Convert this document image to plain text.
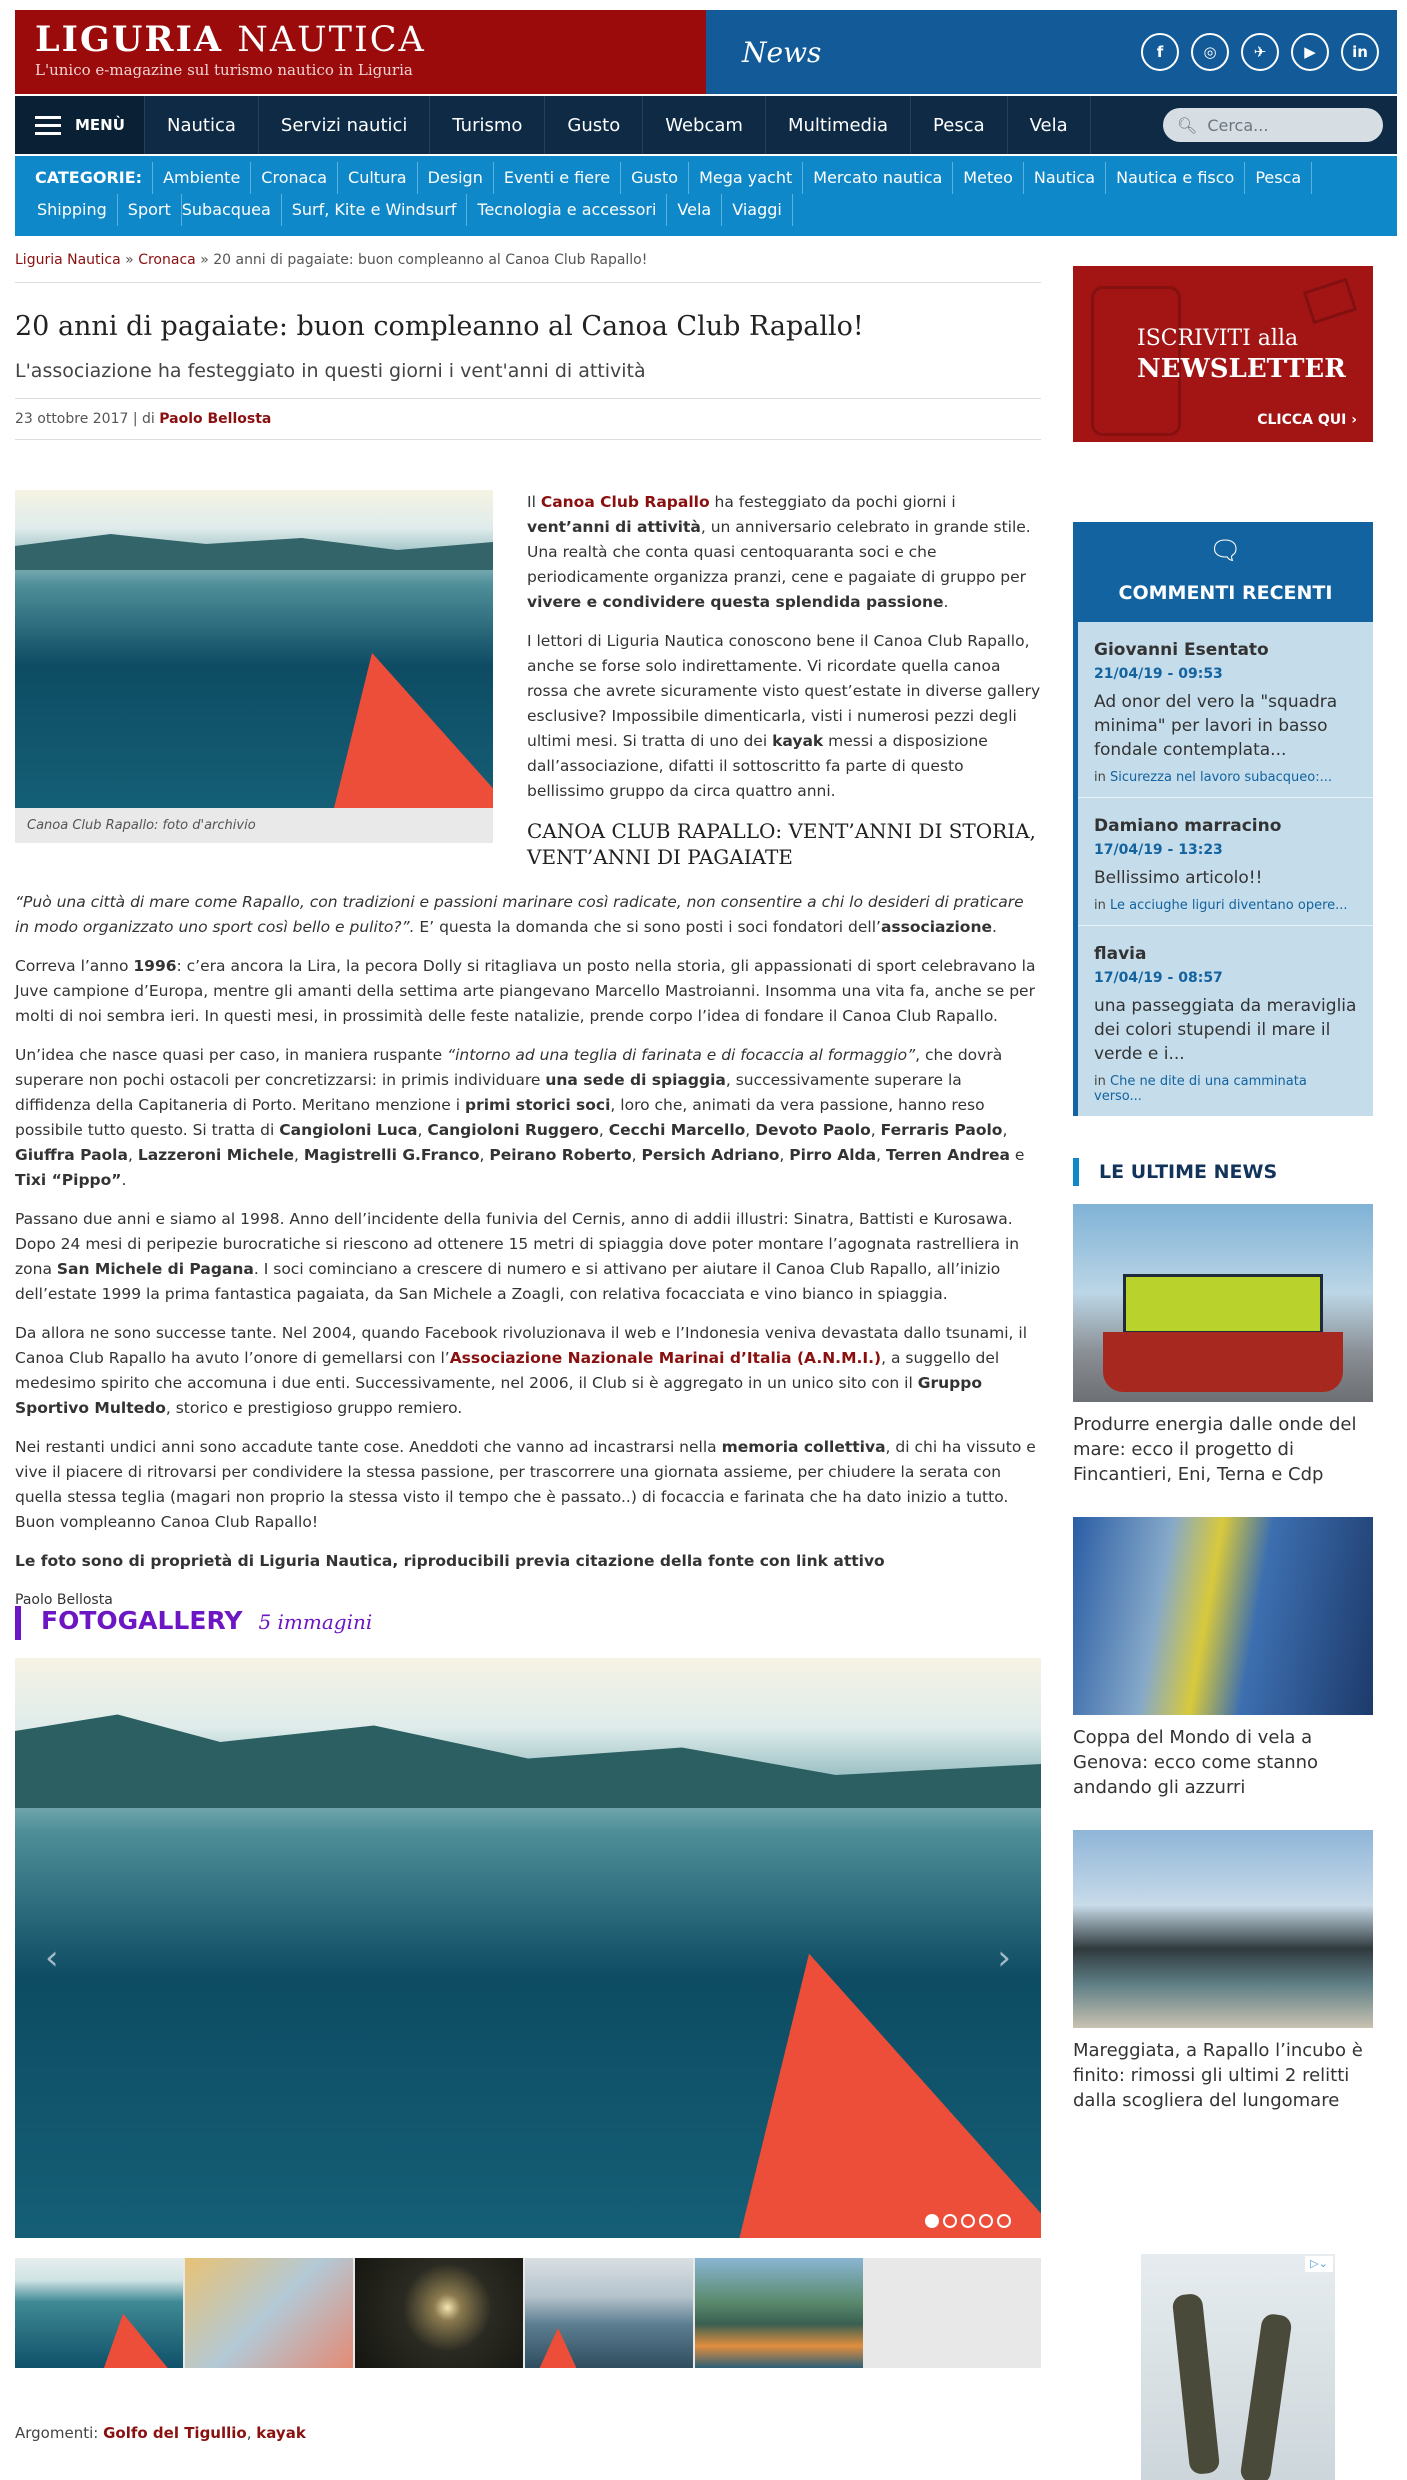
LIGURIA NAUTICA
L'unico e-magazine sul turismo nautico in Liguria
News	f	◎	✈	▶	in
MENÙ	Nautica	Servizi nautici	Turismo	Gusto	Webcam	Multimedia	Pesca	Vela	🔍︎ Cerca...
CATEGORIE:	Ambiente	Cronaca	Cultura	Design	Eventi e fiere	Gusto	Mega yacht	Mercato nautica	Meteo	Nautica	Nautica e fisco	Pesca
Shipping	Sport Subacquea	Surf, Kite e Windsurf	Tecnologia e accessori	Vela	Viaggi
Liguria Nautica » Cronaca » 20 anni di pagaiate: buon compleanno al Canoa Club Rapallo!
20 anni di pagaiate: buon compleanno al Canoa Club Rapallo!
L'associazione ha festeggiato in questi giorni i vent'anni di attività
23 ottobre 2017 | di Paolo Bellosta
Canoa Club Rapallo: foto d'archivio

Il Canoa Club Rapallo ha festeggiato da pochi giorni i vent’anni di attività, un anniversario celebrato in grande stile. Una realtà che conta quasi centoquaranta soci e che periodicamente organizza pranzi, cene e pagaiate di gruppo per vivere e condividere questa splendida passione.

I lettori di Liguria Nautica conoscono bene il Canoa Club Rapallo, anche se forse solo indirettamente. Vi ricordate quella canoa rossa che avrete sicuramente visto quest’estate in diverse gallery esclusive? Impossibile dimenticarla, visti i numerosi pezzi degli ultimi mesi. Si tratta di uno dei kayak messi a disposizione dall’associazione, difatti il sottoscritto fa parte di questo bellissimo gruppo da circa quattro anni.

CANOA CLUB RAPALLO: VENT’ANNI DI STORIA, VENT’ANNI DI PAGAIATE

“Può una città di mare come Rapallo, con tradizioni e passioni marinare così radicate, non consentire a chi lo desideri di praticare in modo organizzato uno sport così bello e pulito?”. E’ questa la domanda che si sono posti i soci fondatori dell’associazione.

Correva l’anno 1996: c’era ancora la Lira, la pecora Dolly si ritagliava un posto nella storia, gli appassionati di sport celebravano la Juve campione d’Europa, mentre gli amanti della settima arte piangevano Marcello Mastroianni. Insomma una vita fa, anche se per molti di noi sembra ieri. In questi mesi, in prossimità delle feste natalizie, prende corpo l’idea di fondare il Canoa Club Rapallo.

Un’idea che nasce quasi per caso, in maniera ruspante “intorno ad una teglia di farinata e di focaccia al formaggio”, che dovrà superare non pochi ostacoli per concretizzarsi: in primis individuare una sede di spiaggia, successivamente superare la diffidenza della Capitaneria di Porto. Meritano menzione i primi storici soci, loro che, animati da vera passione, hanno reso possibile tutto questo. Si tratta di Cangioloni Luca, Cangioloni Ruggero, Cecchi Marcello, Devoto Paolo, Ferraris Paolo, Giuffra Paola, Lazzeroni Michele, Magistrelli G.Franco, Peirano Roberto, Persich Adriano, Pirro Alda, Terren Andrea e Tixi “Pippo”.

Passano due anni e siamo al 1998. Anno dell’incidente della funivia del Cernis, anno di addii illustri: Sinatra, Battisti e Kurosawa. Dopo 24 mesi di peripezie burocratiche si riescono ad ottenere 15 metri di spiaggia dove poter montare l’agognata rastrelliera in zona San Michele di Pagana. I soci cominciano a crescere di numero e si attivano per aiutare il Canoa Club Rapallo, all’inizio dell’estate 1999 la prima fantastica pagaiata, da San Michele a Zoagli, con relativa focacciata e vino bianco in spiaggia.

Da allora ne sono successe tante. Nel 2004, quando Facebook rivoluzionava il web e l’Indonesia veniva devastata dallo tsunami, il Canoa Club Rapallo ha avuto l’onore di gemellarsi con l’Associazione Nazionale Marinai d’Italia (A.N.M.I.), a suggello del medesimo spirito che accomuna i due enti. Successivamente, nel 2006, il Club si è aggregato in un unico sito con il Gruppo Sportivo Multedo, storico e prestigioso gruppo remiero.

Nei restanti undici anni sono accadute tante cose. Aneddoti che vanno ad incastrarsi nella memoria collettiva, di chi ha vissuto e vive il piacere di ritrovarsi per condividere la stessa passione, per trascorrere una giornata assieme, per chiudere la serata con quella stessa teglia (magari non proprio la stessa visto il tempo che è passato..) di focaccia e farinata che ha dato inizio a tutto. Buon vompleanno Canoa Club Rapallo!

Le foto sono di proprietà di Liguria Nautica, riproducibili previa citazione della fonte con link attivo

Paolo Bellosta

FOTOGALLERY 5 immagini
‹	›
Argomenti: Golfo del Tigullio, kayak
ISCRIVITI alla
NEWSLETTER
CLICCA QUI ›
🗨︎
COMMENTI RECENTI
Giovanni Esentato
21/04/19 - 09:53
Ad onor del vero la "squadra minima" per lavori in basso fondale contemplata...
in Sicurezza nel lavoro subacqueo:...
Damiano marracino
17/04/19 - 13:23
Bellissimo articolo!!
in Le acciughe liguri diventano opere...
flavia
17/04/19 - 08:57
una passeggiata da meraviglia dei colori stupendi il mare il verde e i...
in Che ne dite di una camminata verso...
LE ULTIME NEWS
Produrre energia dalle onde del mare: ecco il progetto di Fincantieri, Eni, Terna e Cdp
Coppa del Mondo di vela a Genova: ecco come stanno andando gli azzurri
Mareggiata, a Rapallo l’incubo è finito: rimossi gli ultimi 2 relitti dalla scogliera del lungomare
▷⌄
